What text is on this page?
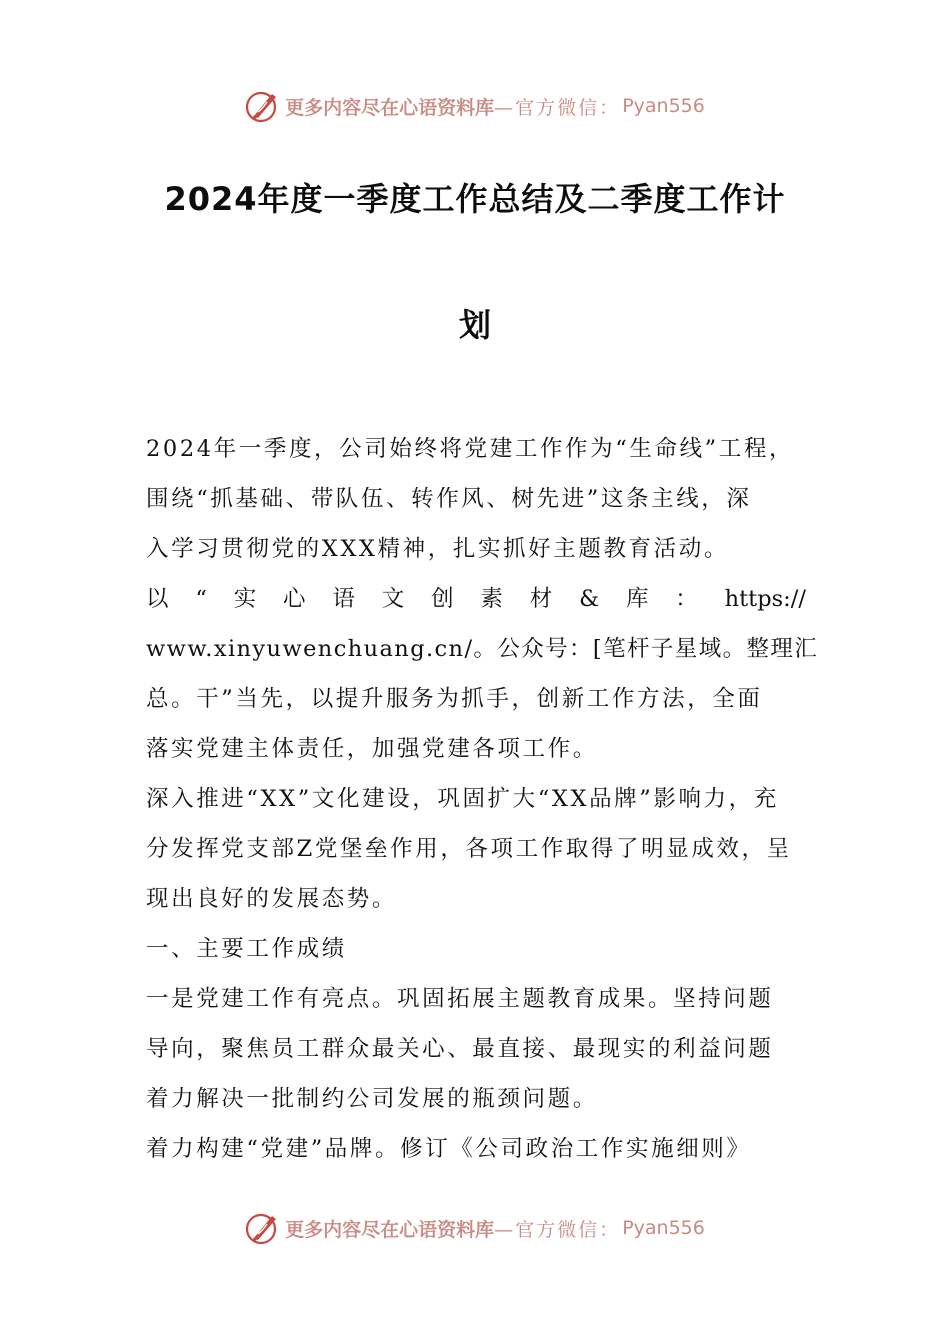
更多内容尽在心语资料库 —官方微信： Pyan556
2024年度一季度工作总结及二季度工作计
划
2024年一季度，公司始终将党建工作作为“生命线”工程，
围绕“抓基础、带队伍、转作风、树先进”这条主线，深
入学习贯彻党的XXX精神，扎实抓好主题教育活动。
以 “ 实 心 语 文 创 素 材 & 库 ： https://
www.xinyuwenchuang.cn/。公众号：[笔杆子星域。整理汇
总。干”当先，以提升服务为抓手，创新工作方法，全面
落实党建主体责任，加强党建各项工作。
深入推进“XX”文化建设，巩固扩大“XX品牌”影响力，充
分发挥党支部Z党堡垒作用，各项工作取得了明显成效，呈
现出良好的发展态势。
一、主要工作成绩
一是党建工作有亮点。巩固拓展主题教育成果。坚持问题
导向，聚焦员工群众最关心、最直接、最现实的利益问题
着力解决一批制约公司发展的瓶颈问题。
着力构建“党建”品牌。修订《公司政治工作实施细则》
更多内容尽在心语资料库 —官方微信： Pyan556
